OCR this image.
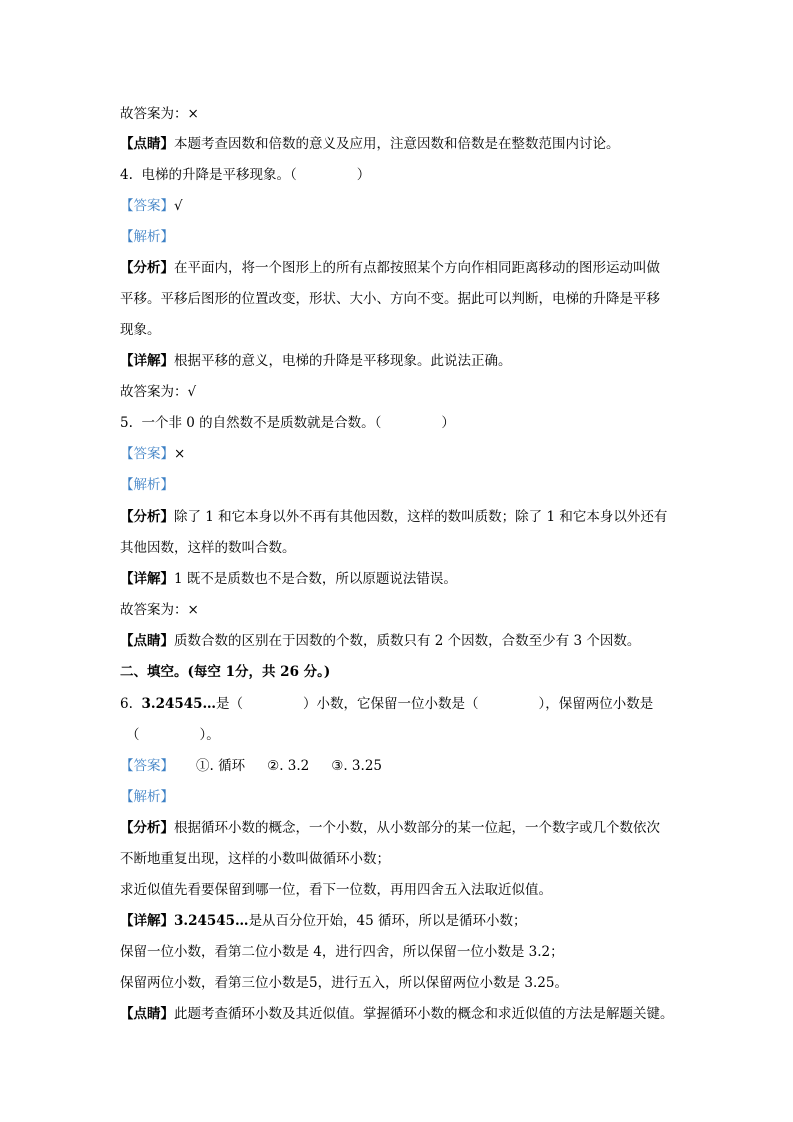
故答案为：×
【点睛】本题考查因数和倍数的意义及应用，注意因数和倍数是在整数范围内讨论。
4. 电梯的升降是平移现象。（	）
【答案】√
【解析】
【分析】在平面内，将一个图形上的所有点都按照某个方向作相同距离移动的图形运动叫做
平移。平移后图形的位置改变，形状、大小、方向不变。据此可以判断，电梯的升降是平移
现象。
【详解】根据平移的意义，电梯的升降是平移现象。此说法正确。
故答案为：√
5. 一个非 0 的自然数不是质数就是合数。（	）
【答案】×
【解析】
【分析】除了 1 和它本身以外不再有其他因数，这样的数叫质数；除了 1 和它本身以外还有
其他因数，这样的数叫合数。
【详解】1 既不是质数也不是合数，所以原题说法错误。
故答案为：×
【点睛】质数合数的区别在于因数的个数，质数只有 2 个因数，合数至少有 3 个因数。
二、填空。(每空 1分，共 26 分。)
6. 3.24545…是（	）小数，它保留一位小数是（	），保留两位小数是
（	）。
【答案】 ①. 循环 ②. 3.2 ③. 3.25
【解析】
【分析】根据循环小数的概念，一个小数，从小数部分的某一位起，一个数字或几个数依次
不断地重复出现，这样的小数叫做循环小数；
求近似值先看要保留到哪一位，看下一位数，再用四舍五入法取近似值。
【详解】3.24545…是从百分位开始，45 循环，所以是循环小数；
保留一位小数，看第二位小数是 4，进行四舍，所以保留一位小数是 3.2；
保留两位小数，看第三位小数是5，进行五入，所以保留两位小数是 3.25。
【点睛】此题考查循环小数及其近似值。掌握循环小数的概念和求近似值的方法是解题关键。
